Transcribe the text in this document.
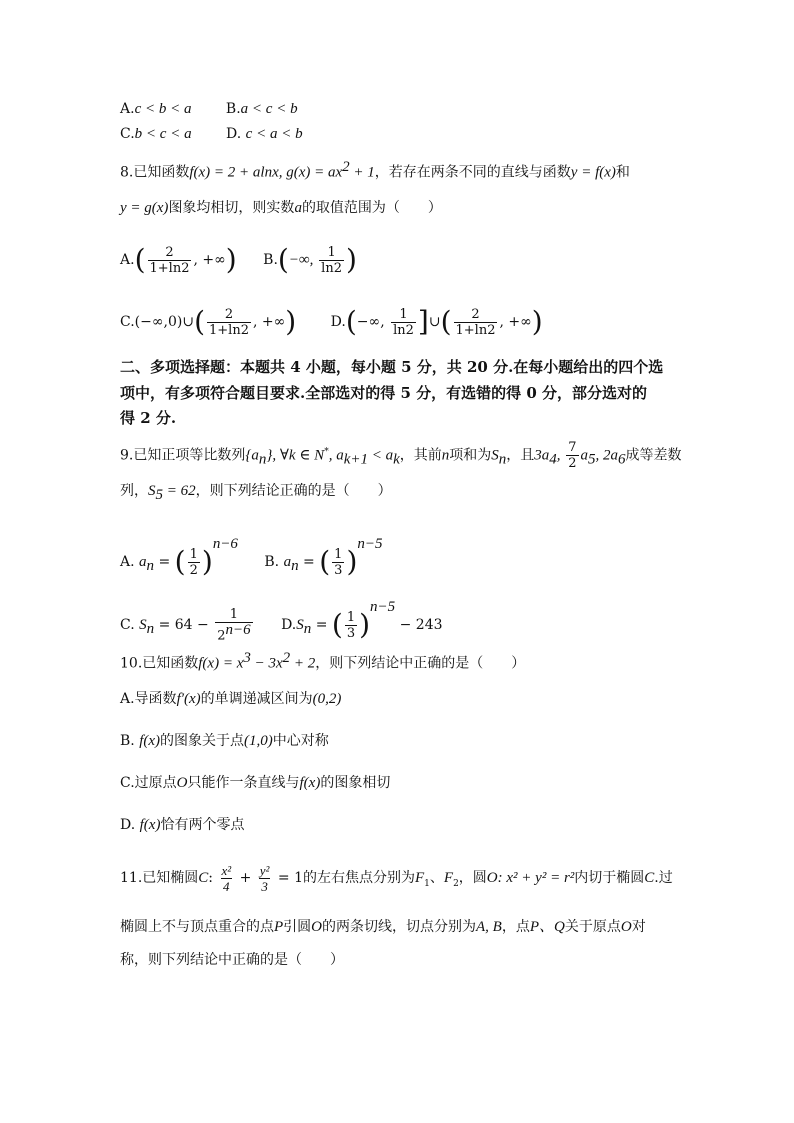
A.c < b < a B.a < c < b
C.b < c < a D. c < a < b
8.已知函数f(x) = 2 + alnx, $g(x) = ax^2 + 1$，若存在两条不同的直线与函数y = f(x)和
y = g(x)图象均相切，则实数a的取值范围为（　　）
$A.( \frac{2}{1+\ln 2}$ , +∞) B.(−∞, $\frac{1}{\ln 2}$ )
C.(−∞,0)∪( $\frac{2}{1+\ln 2}$ , +∞) D.(−∞, $\frac{1}{\ln 2}$ ]∪( $\frac{2}{1+\ln 2}$ , +∞)
二、多项选择题：本题共 4 小题，每小题 5 分，共 20 分.在每小题给出的四个选
项中，有多项符合题目要求.全部选对的得 5 分，有选错的得 0 分，部分选对的
得 2 分.
9.已知正项等比数列$\{a_n\}$, ∀k ∈ N*, $a_{k+1} < a_k$，其前n项和为$S_n$，且$3a_4$, $\frac{7}{2} a_5$, $2a_6$成等差数
列，$S_5 = 62$，则下列结论正确的是（　　）
A. $a_n$ = ( $\frac{1}{2} )^{n-6}$ B. $a_n$ = ( $\frac{1}{3} )^{n-5}$
C. $S_n = 64 - \frac{1}{2^{n-6}} D.S_n$ = ( $\frac{1}{3} )^{n-5} - 243$
10.已知函数$f(x) = x^3 - 3x^2 + 2$，则下列结论中正确的是（　　）
A.导函数f′(x)的单调递减区间为(0,2)
B. f(x)的图象关于点(1,0)中心对称
C.过原点O只能作一条直线与f(x)的图象相切
D. f(x)恰有两个零点
11.已知椭圆C: $\frac{\text{x²}}{4} + \frac{\text{y²}}{3} = 1$的左右焦点分别为$F_1$、$F_2$，圆O: x² + y² = r²内切于椭圆C.过
椭圆上不与顶点重合的点P引圆O的两条切线，切点分别为A, B，点P、Q关于原点O对
称，则下列结论中正确的是（　　）
